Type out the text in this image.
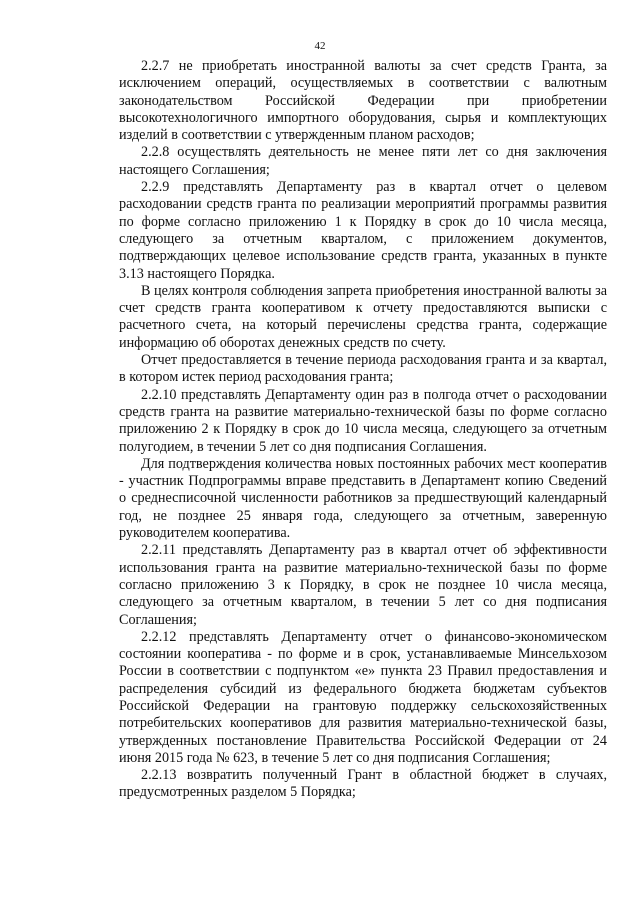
42

2.2.7 не приобретать иностранной валюты за счет средств Гранта, за исключением операций, осуществляемых в соответствии с валютным законодательством Российской Федерации при приобретении высокотехнологичного импортного оборудования, сырья и комплектующих изделий в соответствии с утвержденным планом расходов;

2.2.8 осуществлять деятельность не менее пяти лет со дня заключения настоящего Соглашения;

2.2.9 представлять Департаменту раз в квартал отчет о целевом расходовании средств гранта по реализации мероприятий программы развития по форме согласно приложению 1 к Порядку в срок до 10 числа месяца, следующего за отчетным кварталом, с приложением документов, подтверждающих целевое использование средств гранта, указанных в пункте 3.13 настоящего Порядка.

В целях контроля соблюдения запрета приобретения иностранной валюты за счет средств гранта кооперативом к отчету предоставляются выписки с расчетного счета, на который перечислены средства гранта, содержащие информацию об оборотах денежных средств по счету.

Отчет предоставляется в течение периода расходования гранта и за квартал, в котором истек период расходования гранта;

2.2.10 представлять Департаменту один раз в полгода отчет о расходовании средств гранта на развитие материально-технической базы по форме согласно приложению 2 к Порядку в срок до 10 числа месяца, следующего за отчетным полугодием, в течении 5 лет со дня подписания Соглашения.

Для подтверждения количества новых постоянных рабочих мест кооператив - участник Подпрограммы вправе представить в Департамент копию Сведений о среднесписочной численности работников за предшествующий календарный год, не позднее 25 января года, следующего за отчетным, заверенную руководителем кооператива.

2.2.11 представлять Департаменту раз в квартал отчет об эффективности использования гранта на развитие материально-технической базы по форме согласно приложению 3 к Порядку, в срок не позднее 10 числа месяца, следующего за отчетным кварталом, в течении 5 лет со дня подписания Соглашения;

2.2.12 представлять Департаменту отчет о финансово-экономическом состоянии кооператива - по форме и в срок, устанавливаемые Минсельхозом России в соответствии с подпунктом «е» пункта 23 Правил предоставления и распределения субсидий из федерального бюджета бюджетам субъектов Российской Федерации на грантовую поддержку сельскохозяйственных потребительских кооперативов для развития материально-технической базы, утвержденных постановление Правительства Российской Федерации от 24 июня 2015 года № 623, в течение 5 лет со дня подписания Соглашения;

2.2.13 возвратить полученный Грант в областной бюджет в случаях, предусмотренных разделом 5 Порядка;
